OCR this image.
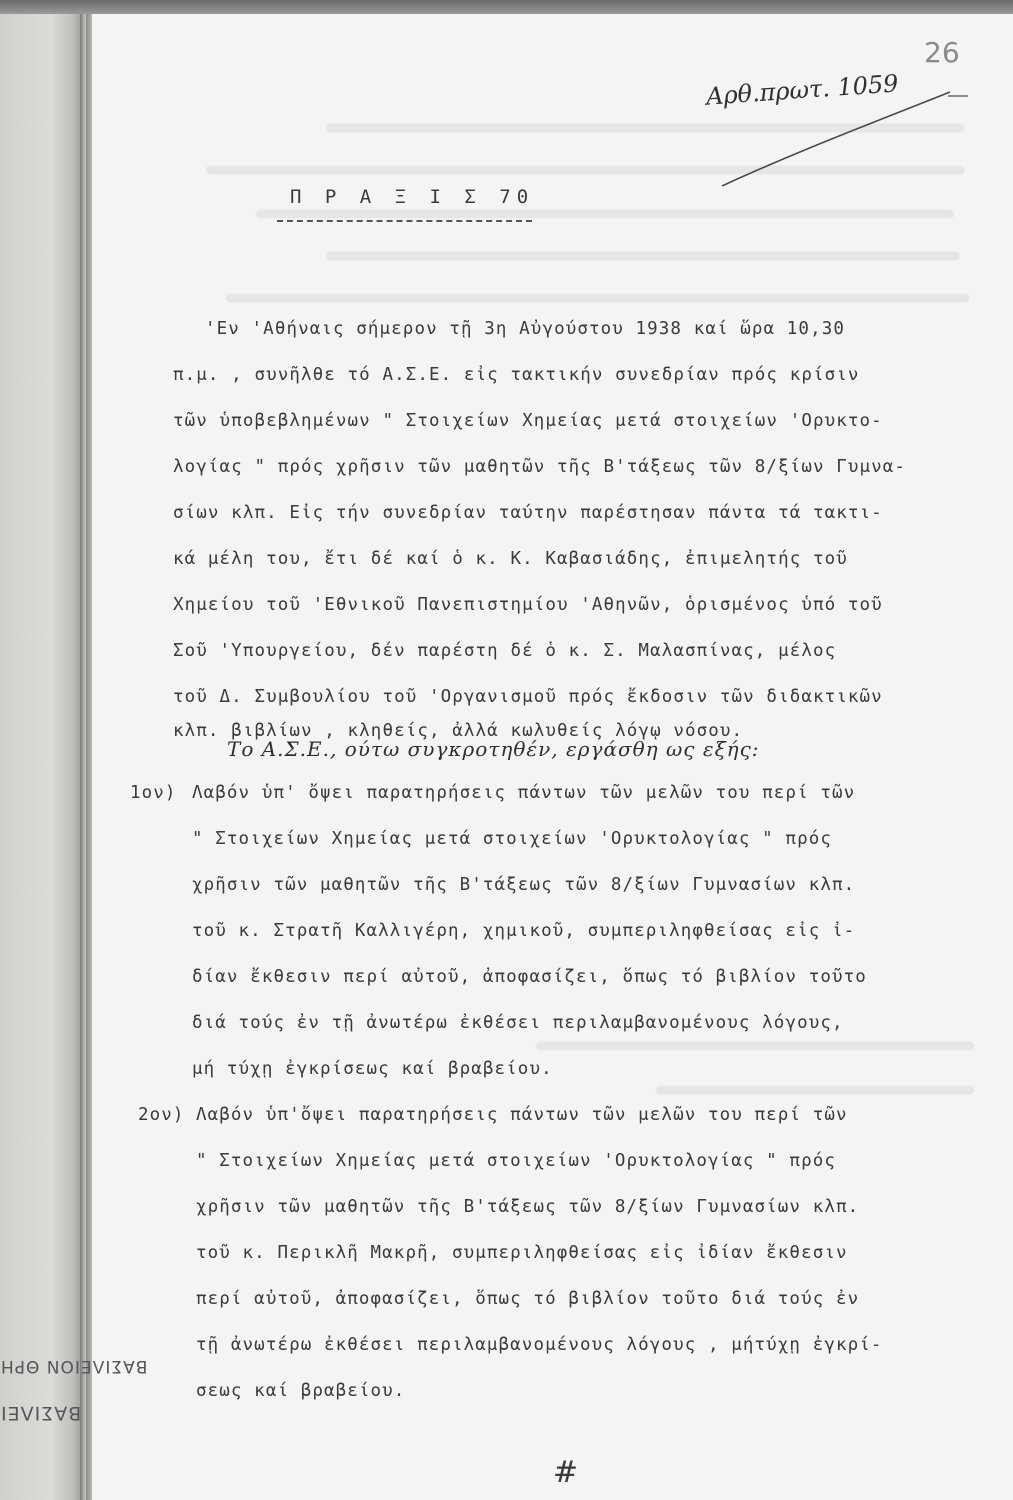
ΒΑΣΙΛΕΙΟΝ ΘΡΗ
ΒΑΣΙΛΕΙ
26
Αρθ.πρωτ. 1059
Π Ρ Α Ξ Ι Σ 70
'Εν 'Αθήναις σήμερον τῇ 3η Αὐγούστου 1938 καί ὥρα 10,30
π.μ. , συνῆλθε τό Α.Σ.Ε. εἰς τακτικήν συνεδρίαν πρός κρίσιν
τῶν ὑποβεβλημένων " Στοιχείων Χημείας μετά στοιχείων 'Ορυκτο-
λογίας " πρός χρῆσιν τῶν μαθητῶν τῆς Β'τάξεως τῶν 8/ξίων Γυμνα-
σίων κλπ. Εἰς τήν συνεδρίαν ταύτην παρέστησαν πάντα τά τακτι-
κά μέλη του, ἔτι δέ καί ὁ κ. Κ. Καβασιάδης, ἐπιμελητής τοῦ
Χημείου τοῦ 'Εθνικοῦ Πανεπιστημίου 'Αθηνῶν, ὁρισμένος ὑπό τοῦ
Σοῦ 'Υπουργείου, δέν παρέστη δέ ὁ κ. Σ. Μαλασπίνας, μέλος
τοῦ Δ. Συμβουλίου τοῦ 'Οργανισμοῦ πρός ἔκδοσιν τῶν διδακτικῶν
κλπ. βιβλίων , κληθείς, ἀλλά κωλυθείς λόγῳ νόσου.
Το Α.Σ.Ε., ούτω συγκροτηθέν, εργάσθη ως εξής:
1ον) Λαβόν ὑπ' ὄψει παρατηρήσεις πάντων τῶν μελῶν του περί τῶν
" Στοιχείων Χημείας μετά στοιχείων 'Ορυκτολογίας " πρός
χρῆσιν τῶν μαθητῶν τῆς Β'τάξεως τῶν 8/ξίων Γυμνασίων κλπ.
τοῦ κ. Στρατῆ Καλλιγέρη, χημικοῦ, συμπεριληφθείσας εἰς ἰ-
δίαν ἔκθεσιν περί αὐτοῦ, ἀποφασίζει, ὅπως τό βιβλίον τοῦτο
διά τούς ἐν τῇ ἀνωτέρω ἐκθέσει περιλαμβανομένους λόγους,
μή τύχῃ ἐγκρίσεως καί βραβείου.
2ον) Λαβόν ὑπ'ὄψει παρατηρήσεις πάντων τῶν μελῶν του περί τῶν
" Στοιχείων Χημείας μετά στοιχείων 'Ορυκτολογίας " πρός
χρῆσιν τῶν μαθητῶν τῆς Β'τάξεως τῶν 8/ξίων Γυμνασίων κλπ.
τοῦ κ. Περικλῆ Μακρῆ, συμπεριληφθείσας εἰς ἰδίαν ἔκθεσιν
περί αὐτοῦ, ἀποφασίζει, ὅπως τό βιβλίον τοῦτο διά τούς ἐν
τῇ ἀνωτέρω ἐκθέσει περιλαμβανομένους λόγους , μήτύχῃ ἐγκρί-
σεως καί βραβείου.
#
